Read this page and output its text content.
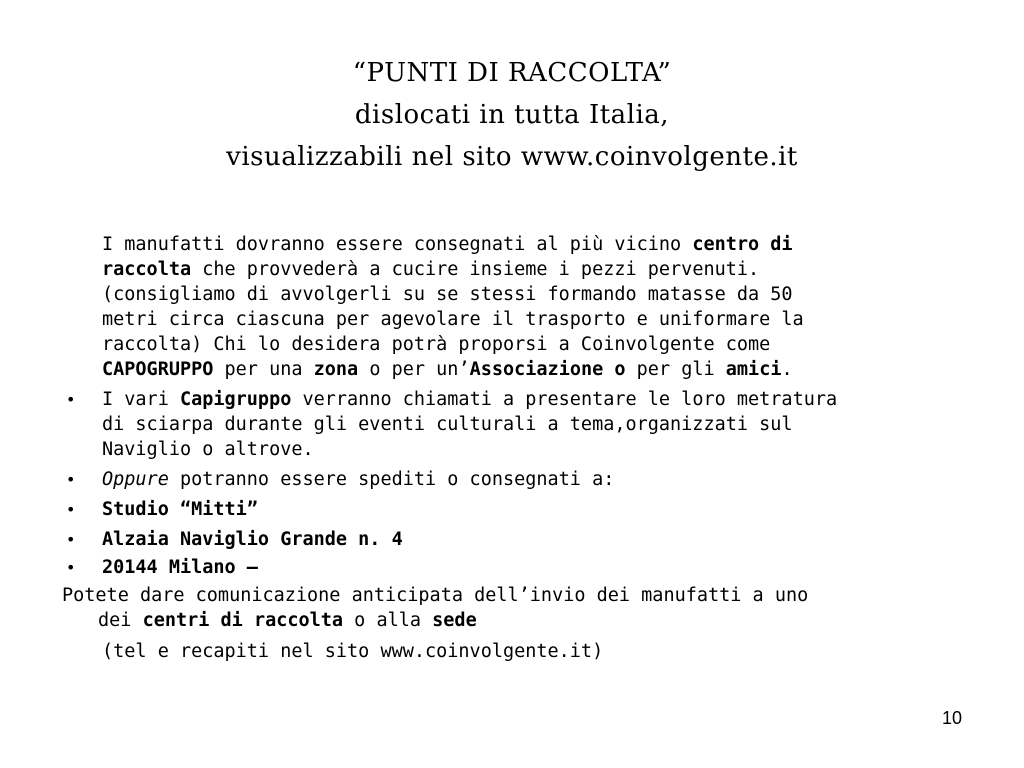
“PUNTI DI RACCOLTA”
dislocati in tutta Italia,
visualizzabili nel sito www.coinvolgente.it
I manufatti dovranno essere consegnati al più vicino centro di
raccolta che provvederà a cucire insieme i pezzi pervenuti.
(consigliamo di avvolgerli su se stessi formando matasse da 50
metri circa ciascuna per agevolare il trasporto e uniformare la
raccolta) Chi lo desidera potrà proporsi a Coinvolgente come
CAPOGRUPPO per una zona o per un’Associazione o per gli amici.
• I vari Capigruppo verranno chiamati a presentare le loro metratura
di sciarpa durante gli eventi culturali a tema,organizzati sul
Naviglio o altrove.
• Oppure potranno essere spediti o consegnati a:
• Studio “Mitti”
• Alzaia Naviglio Grande n. 4
• 20144 Milano –
Potete dare comunicazione anticipata dell’invio dei manufatti a uno
dei centri di raccolta o alla sede
(tel e recapiti nel sito www.coinvolgente.it)
10
